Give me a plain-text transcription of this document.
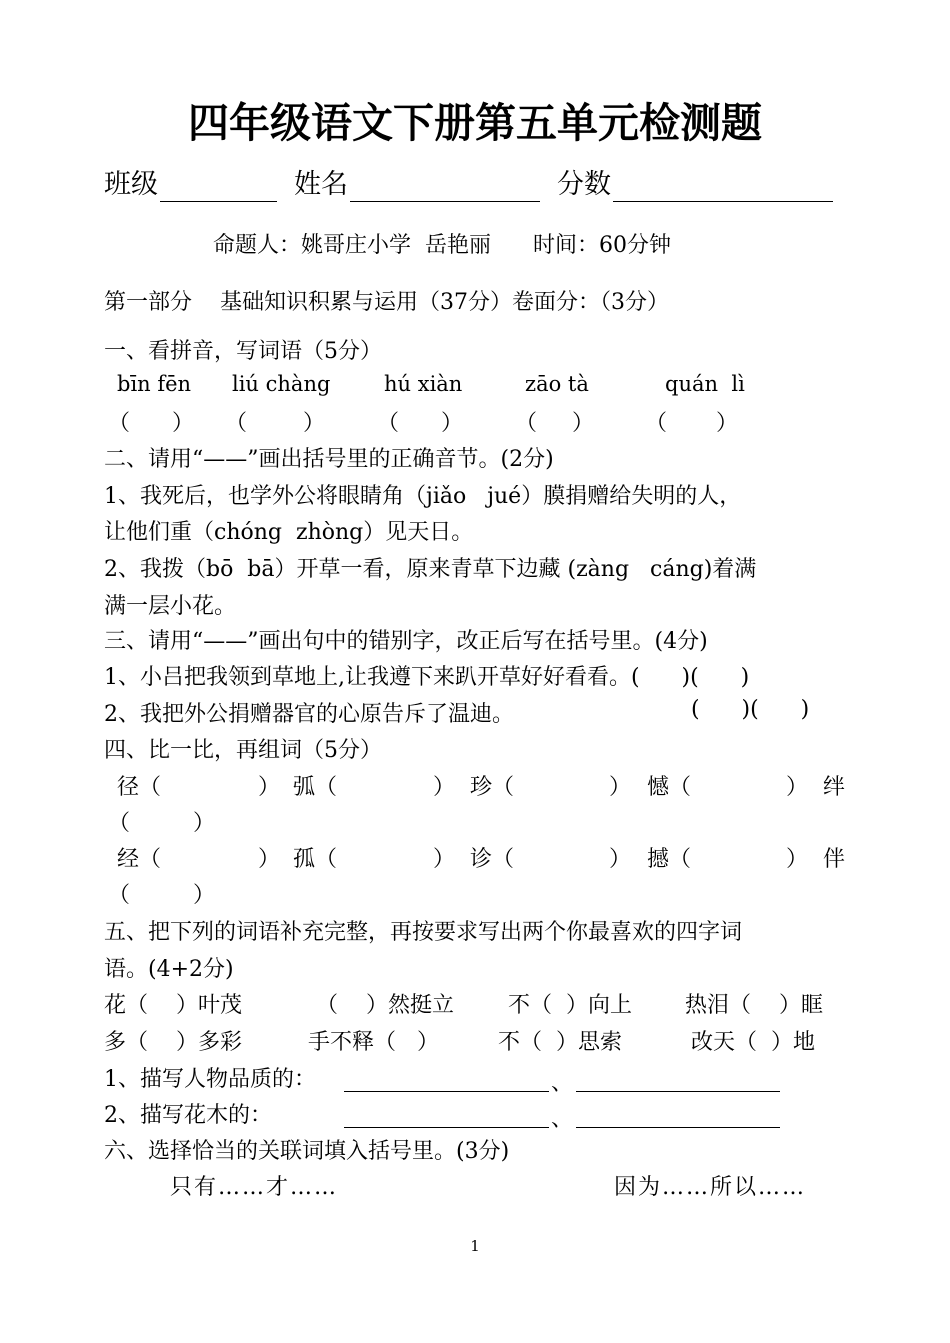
四年级语文下册第五单元检测题
班级	姓名	分数
命题人：姚哥庄小学  岳艳丽      时间：60分钟
第一部分    基础知识积累与运用（37分）卷面分：（3分）
一、看拼音，写词语（5分）
bīn fēn liú chàng	hú xiàn	zāo tà	quán  lì
（      ） （        ） （      ） （     ） （       ）
二、请用“——”画出括号里的正确音节。(2分)
1、我死后，也学外公将眼睛角（jiǎo   jué）膜捐赠给失明的人，
让他们重（chóng  zhòng）见天日。
2、我拨（bō  bā）开草一看，原来青草下边藏 (zàng   cáng)着满
满一层小花。
三、请用“——”画出句中的错别字，改正后写在括号里。(4分)
1、小吕把我领到草地上,让我遵下来趴开草好好看看。(      )(      )
2、我把外公捐赠器官的心原告斥了温迪。	(      )(      )
四、比一比，再组词（5分）
径（	） 弧（	） 珍（	） 憾（	） 绊
（         ）
经（	） 孤（	） 诊（	） 撼（	） 伴
（         ）
五、把下列的词语补充完整，再按要求写出两个你最喜欢的四字词
语。(4+2分)
花（    ）叶茂	（    ）然挺立 不（  ）向上 热泪（    ）眶
多（    ）多彩	手不释（   ）	不（  ）思索	改天（  ）地
1、描写人物品质的：	、
2、描写花木的：	、
六、选择恰当的关联词填入括号里。(3分)
只有……才……	因为……所以……
1
